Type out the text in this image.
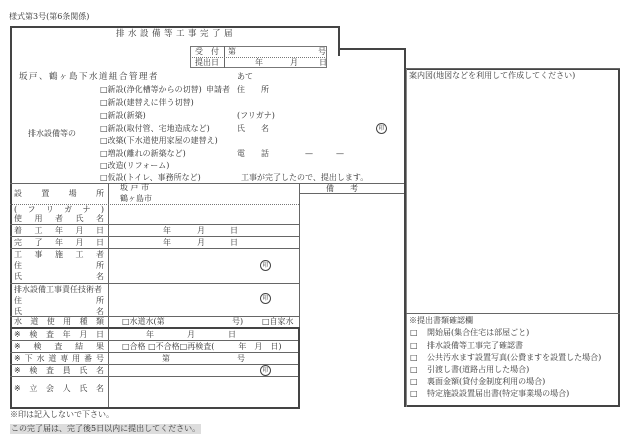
様式第3号(第6条関係)
排水設備等工事完了届
受　付 第	号
提出日	年	月	日
坂戸、鶴ヶ島下水道組合管理者	あて
排水設備等の
□新設(浄化槽等からの切替)
□新設(建替えに伴う切替)
□新設(新築)
□新設(取付管、宅地造成など)
□改築(下水道使用家屋の建替え)
□増設(離れの新築など)
□改造(リフォーム)
□仮設(トイレ、事務所など)
申請者 住　　所
(フリガナ)
氏　　名	印
電　　話	—	—
工事が完了したので、提出します。
案内図(地図などを利用して作成してください)
※提出書類確認欄
□ 開始届(集合住宅は部屋ごと)
□ 排水設備等工事完了確認書
□ 公共汚水ます設置写真(公費ますを設置した場合)
□ 引渡し書(道路占用した場合)
□ 裏面金額(貸付金制度利用の場合)
□ 特定施設設置届出書(特定事業場の場合)
備　　考
設 置 場 所
坂 戸 市
鶴ヶ島市
( フ リ ガ ナ )
使 用 者 氏 名
着 工 年 月 日	年	月	日
完 了 年 月 日	年	月	日
工 事 施 工 者
住	所
氏	名
印
排水設備工事責任技術者
住	所
氏	名
印
水 道 使 用 種 類 □水道水(第	号) □自家水
※ 検 査 年 月 日	年	月	日
※ 検 査 結 果 □合格 □不合格□再検査(　　　年　月　日)
※ 下 水 道 専 用 番 号	第	号
※ 検 査 員 氏 名	印
※ 立 会 人 氏 名
※印は記入しないで下さい。
この完了届は、完了後5日以内に提出してください。
